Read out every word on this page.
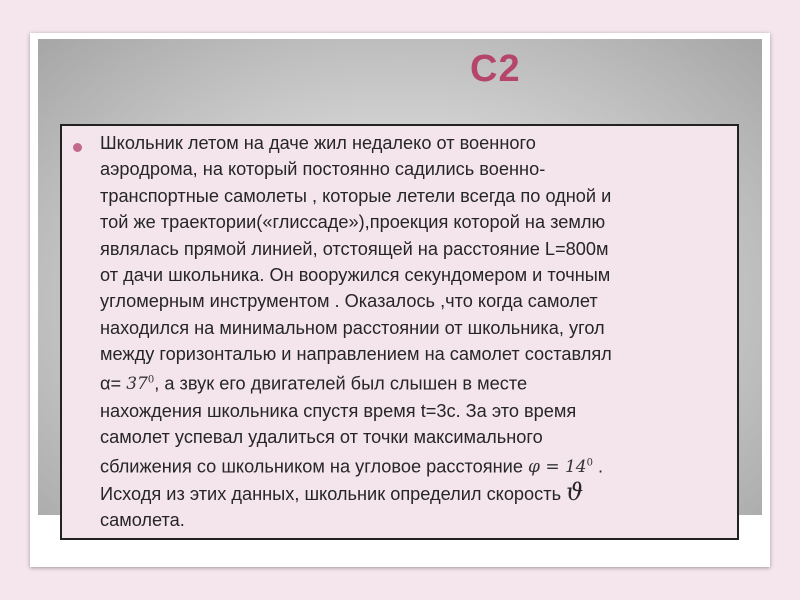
С2
Школьник летом на даче жил недалеко от военного
аэродрома, на который постоянно садились военно-
транспортные самолеты , которые летели всегда по одной и
той же траектории(«глиссаде»),проекция которой на землю
являлась прямой линией, отстоящей на расстояние L=800м
от дачи школьника. Он вооружился секундомером и точным
угломерным инструментом . Оказалось ,что когда самолет
находился на минимальном расстоянии от школьника, угол
между горизонталью и направлением на самолет составлял
$\alpha= 37^0$, а звук его двигателей был слышен в месте
нахождения школьника спустя время t=3с. За это время
самолет успевал удалиться от точки максимального
сближения со школьником на угловое расстояние $\varphi = 14^0$ .
Исходя из этих данных, школьник определил скорость ϑ
самолета.
